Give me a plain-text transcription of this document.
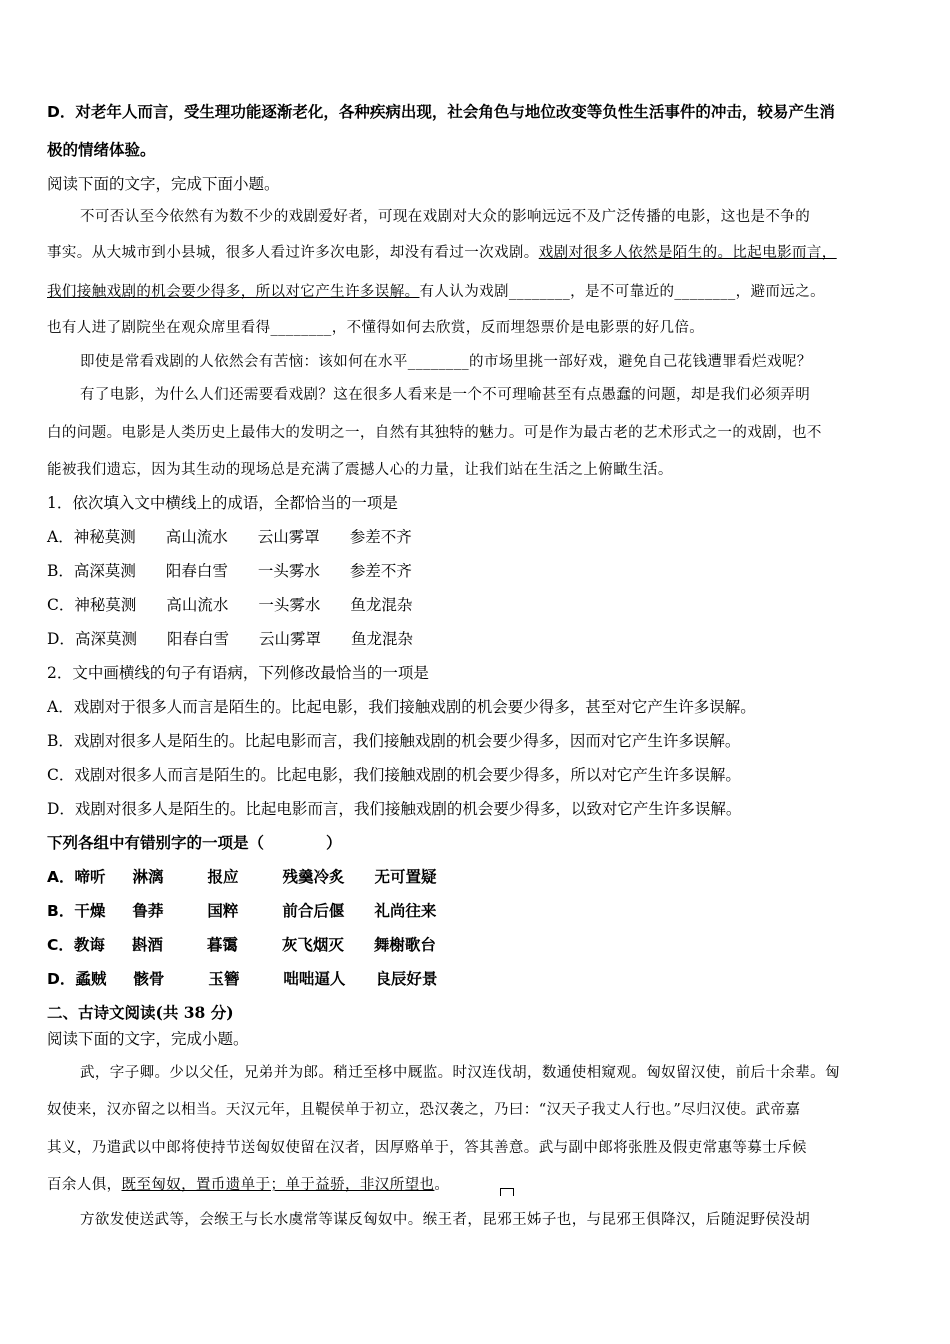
D．对老年人而言，受生理功能逐渐老化，各种疾病出现，社会角色与地位改变等负性生活事件的冲击，较易产生消
极的情绪体验。
阅读下面的文字，完成下面小题。
不可否认至今依然有为数不少的戏剧爱好者，可现在戏剧对大众的影响远远不及广泛传播的电影，这也是不争的
事实。从大城市到小县城，很多人看过许多次电影，却没有看过一次戏剧。戏剧对很多人依然是陌生的。比起电影而言，
我们接触戏剧的机会要少得多，所以对它产生许多误解。有人认为戏剧________，是不可靠近的________，避而远之。
也有人进了剧院坐在观众席里看得________，不懂得如何去欣赏，反而埋怨票价是电影票的好几倍。
即使是常看戏剧的人依然会有苦恼：该如何在水平________的市场里挑一部好戏，避免自己花钱遭罪看烂戏呢？
有了电影，为什么人们还需要看戏剧？这在很多人看来是一个不可理喻甚至有点愚蠢的问题，却是我们必须弄明
白的问题。电影是人类历史上最伟大的发明之一，自然有其独特的魅力。可是作为最古老的艺术形式之一的戏剧，也不
能被我们遗忘，因为其生动的现场总是充满了震撼人心的力量，让我们站在生活之上俯瞰生活。
1．依次填入文中横线上的成语，全都恰当的一项是
A．神秘莫测 高山流水 云山雾罩 参差不齐
B．高深莫测 阳春白雪 一头雾水 参差不齐
C．神秘莫测 高山流水 一头雾水 鱼龙混杂
D．高深莫测 阳春白雪 云山雾罩 鱼龙混杂
2．文中画横线的句子有语病，下列修改最恰当的一项是
A．戏剧对于很多人而言是陌生的。比起电影，我们接触戏剧的机会要少得多，甚至对它产生许多误解。
B．戏剧对很多人是陌生的。比起电影而言，我们接触戏剧的机会要少得多，因而对它产生许多误解。
C．戏剧对很多人而言是陌生的。比起电影，我们接触戏剧的机会要少得多，所以对它产生许多误解。
D．戏剧对很多人是陌生的。比起电影而言，我们接触戏剧的机会要少得多，以致对它产生许多误解。
下列各组中有错别字的一项是（　　　　）
A．啼听 淋漓	报应	残羹冷炙 无可置疑
B．干燥 鲁莽	国粹	前合后偃 礼尚往来
C．教诲 斟酒	暮霭	灰飞烟灭 舞榭歌台
D．蟊贼 骸骨	玉簪	咄咄逼人 良辰好景
二、古诗文阅读(共 38 分)
阅读下面的文字，完成小题。
武，字子卿。少以父任，兄弟并为郎。稍迁至栘中厩监。时汉连伐胡，数通使相窥观。匈奴留汉使，前后十余辈。匈
奴使来，汉亦留之以相当。天汉元年，且鞮侯单于初立，恐汉袭之，乃曰：“汉天子我丈人行也。”尽归汉使。武帝嘉
其义，乃遣武以中郎将使持节送匈奴使留在汉者，因厚赂单于，答其善意。武与副中郎将张胜及假吏常惠等募士斥候
百余人俱，既至匈奴，置币遗单于；单于益骄，非汉所望也。
方欲发使送武等，会缑王与长水虞常等谋反匈奴中。缑王者，昆邪王姊子也，与昆邪王俱降汉，后随浞野侯没胡
